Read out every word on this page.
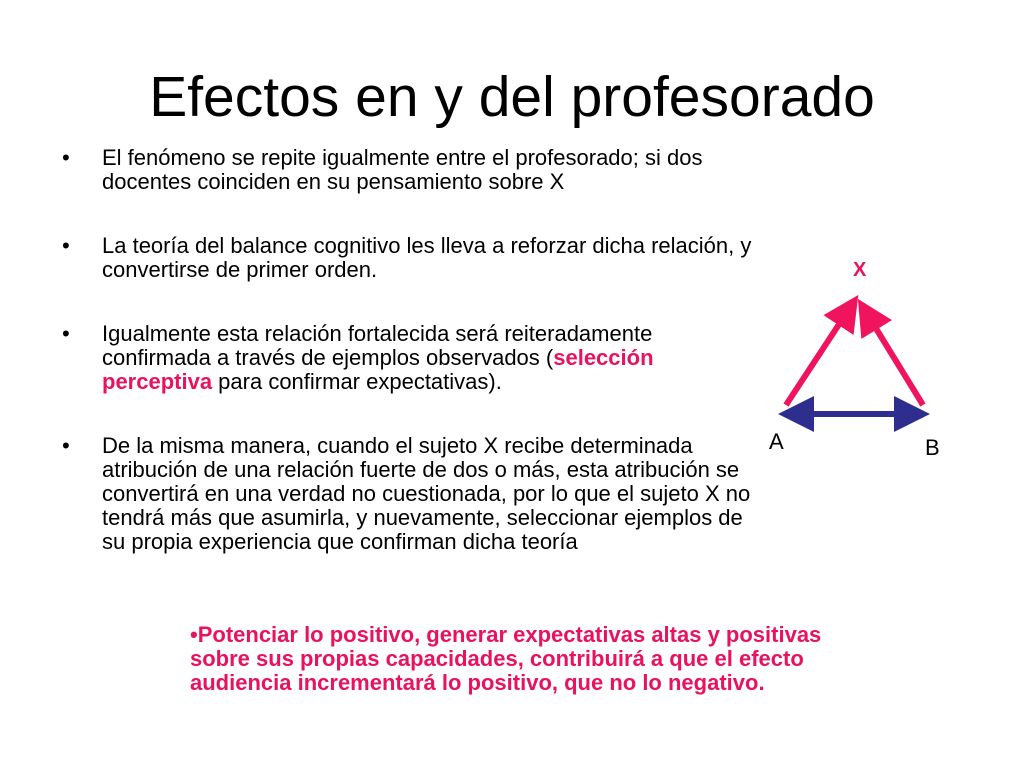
Efectos en y del profesorado
•	El fenómeno se repite igualmente entre el profesorado; si dos docentes coinciden en su pensamiento sobre X
•	La teoría del balance cognitivo les lleva a reforzar dicha relación, y convertirse de primer orden.
•	Igualmente esta relación fortalecida será reiteradamente confirmada a través de ejemplos observados (selección perceptiva para confirmar expectativas).
•	De la misma manera, cuando el sujeto X recibe determinada atribución de una relación fuerte de dos o más, esta atribución se convertirá en una verdad no cuestionada, por lo que el sujeto X no tendrá más que asumirla, y nuevamente, seleccionar ejemplos de su propia experiencia que confirman dicha teoría
X
A	B
•Potenciar lo positivo, generar expectativas altas y positivas sobre sus propias capacidades, contribuirá a que el efecto audiencia incrementará lo positivo, que no lo negativo.
